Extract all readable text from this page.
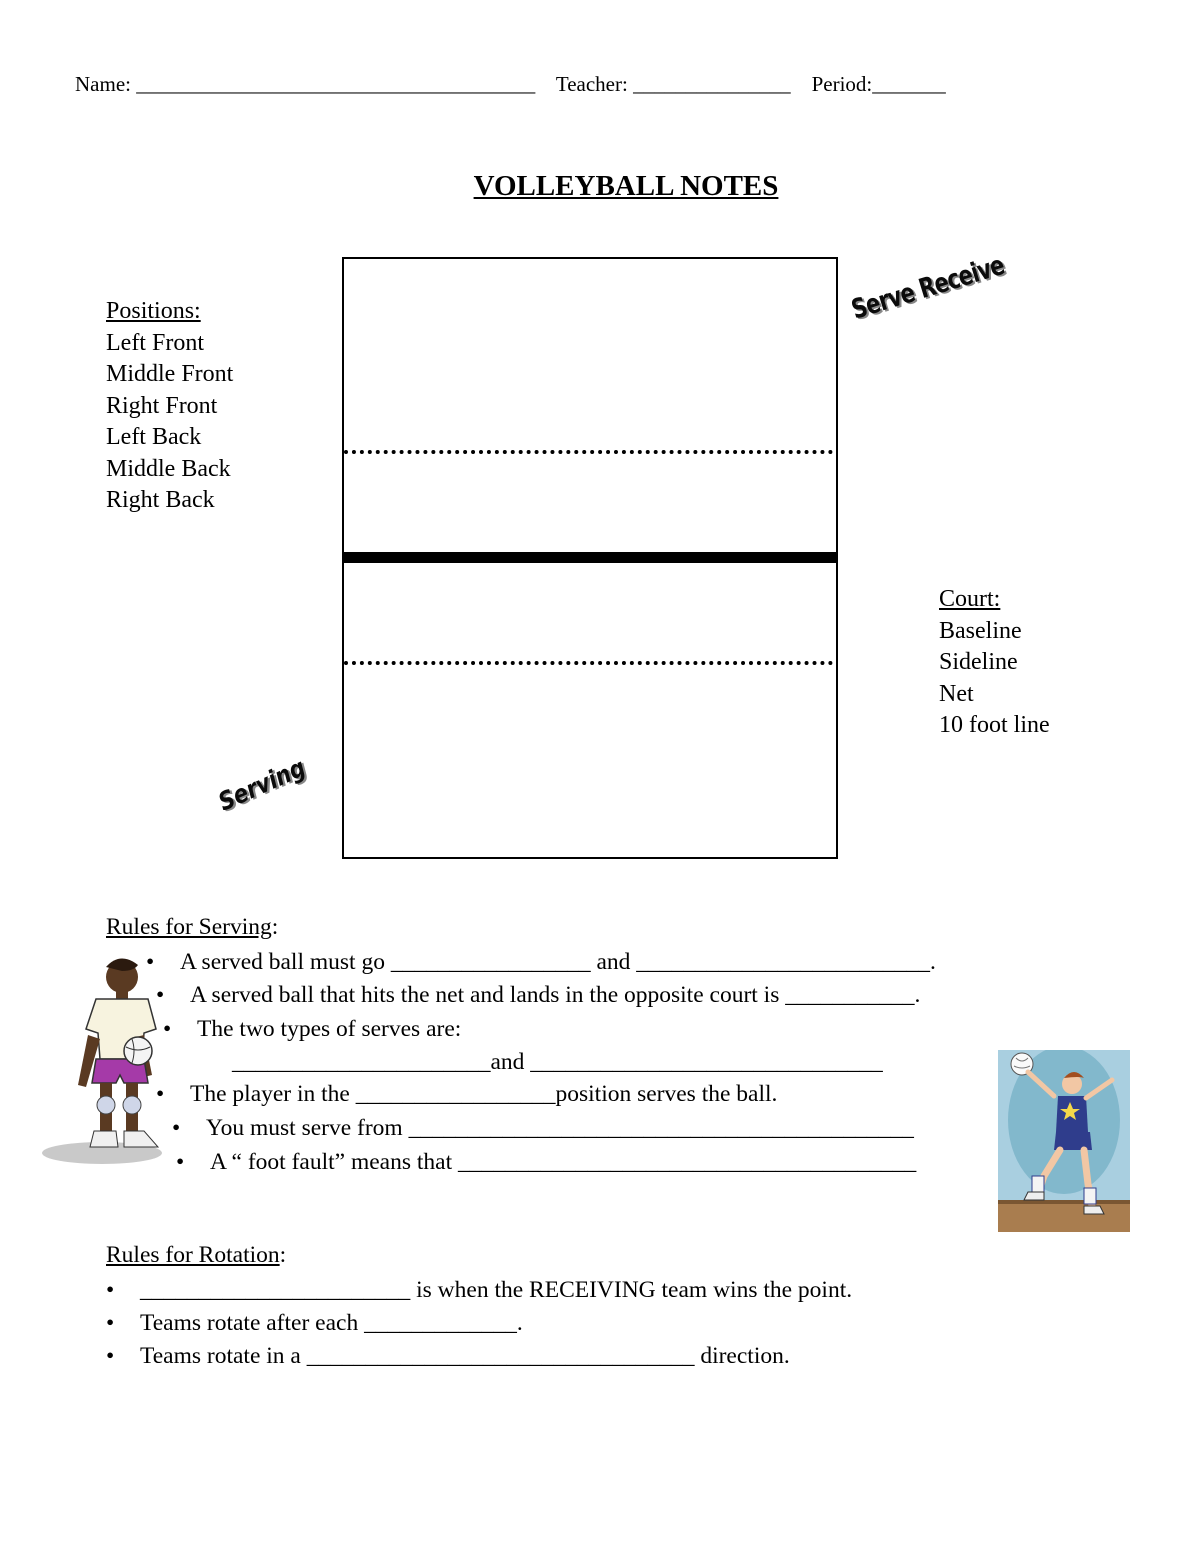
Name: ______________________________________ Teacher: _______________ Period:_______
VOLLEYBALL NOTES
Positions:
Left Front
Middle Front
Right Front
Left Back
Middle Back
Right Back
Serve Receive
Serving
Court:
Baseline
Sideline
Net
10 foot line
Rules for Serving:
• A served ball must go _________________ and _________________________.
• A served ball that hits the net and lands in the opposite court is ___________.
• The two types of serves are:
______________________and ______________________________
• The player in the _________________position serves the ball.
• You must serve from ___________________________________________
• A “ foot fault” means that _______________________________________
Rules for Rotation:
• _______________________ is when the RECEIVING team wins the point.
• Teams rotate after each _____________.
• Teams rotate in a _________________________________ direction.
